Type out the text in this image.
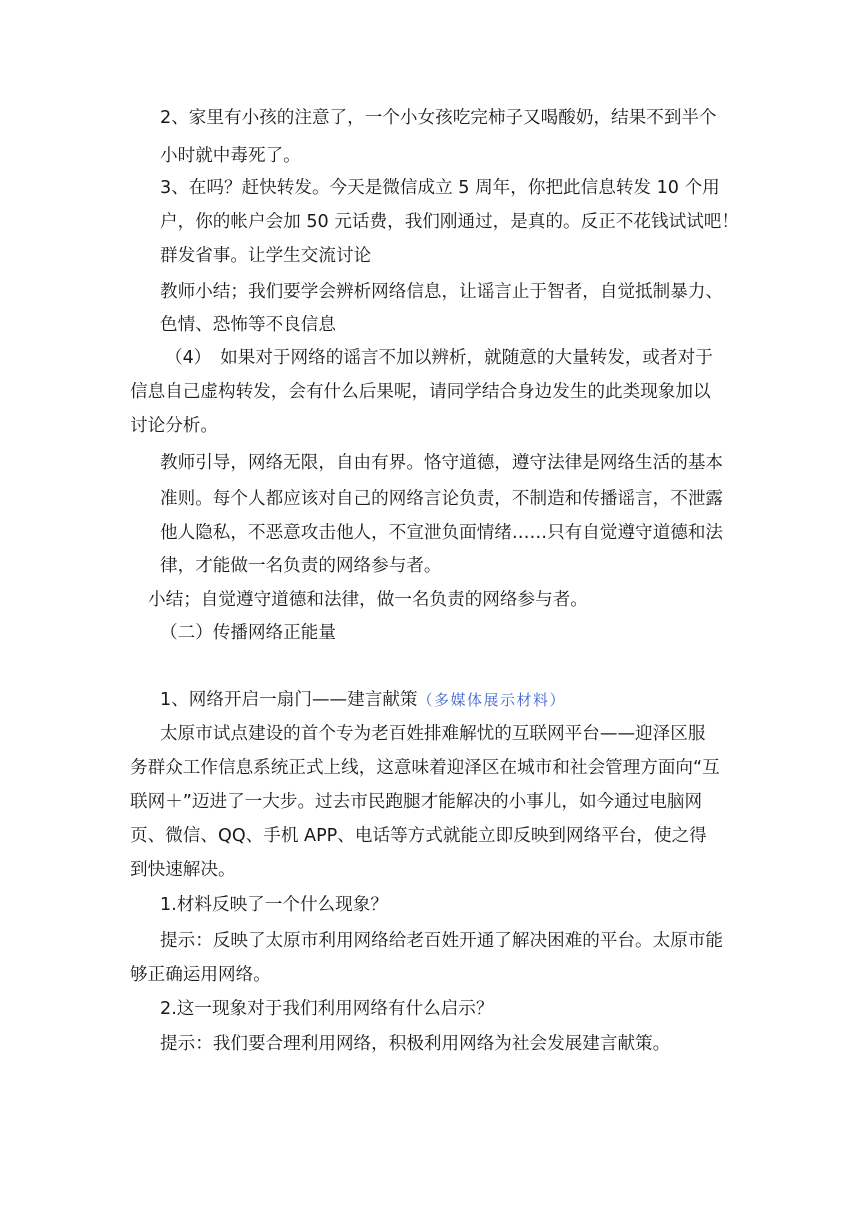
2、家里有小孩的注意了，一个小女孩吃完柿子又喝酸奶，结果不到半个
小时就中毒死了。
3、在吗？赶快转发。今天是微信成立 5 周年，你把此信息转发 10 个用
户，你的帐户会加 50 元话费，我们刚通过，是真的。反正不花钱试试吧！
群发省事。让学生交流讨论
教师小结；我们要学会辨析网络信息，让谣言止于智者，自觉抵制暴力、
色情、恐怖等不良信息
（4）　如果对于网络的谣言不加以辨析，就随意的大量转发，或者对于
信息自己虚构转发，会有什么后果呢，请同学结合身边发生的此类现象加以
讨论分析。
教师引导，网络无限，自由有界。恪守道德，遵守法律是网络生活的基本
准则。每个人都应该对自己的网络言论负责，不制造和传播谣言，不泄露
他人隐私，不恶意攻击他人，不宣泄负面情绪……只有自觉遵守道德和法
律，才能做一名负责的网络参与者。
小结；自觉遵守道德和法律，做一名负责的网络参与者。
（二）传播网络正能量
1、网络开启一扇门——建言献策（多媒体展示材料）
太原市试点建设的首个专为老百姓排难解忧的互联网平台——迎泽区服
务群众工作信息系统正式上线，这意味着迎泽区在城市和社会管理方面向“互
联网＋”迈进了一大步。过去市民跑腿才能解决的小事儿，如今通过电脑网
页、微信、QQ、手机 APP、电话等方式就能立即反映到网络平台，使之得
到快速解决。
1.材料反映了一个什么现象？
提示：反映了太原市利用网络给老百姓开通了解决困难的平台。太原市能
够正确运用网络。
2.这一现象对于我们利用网络有什么启示？
提示：我们要合理利用网络，积极利用网络为社会发展建言献策。
